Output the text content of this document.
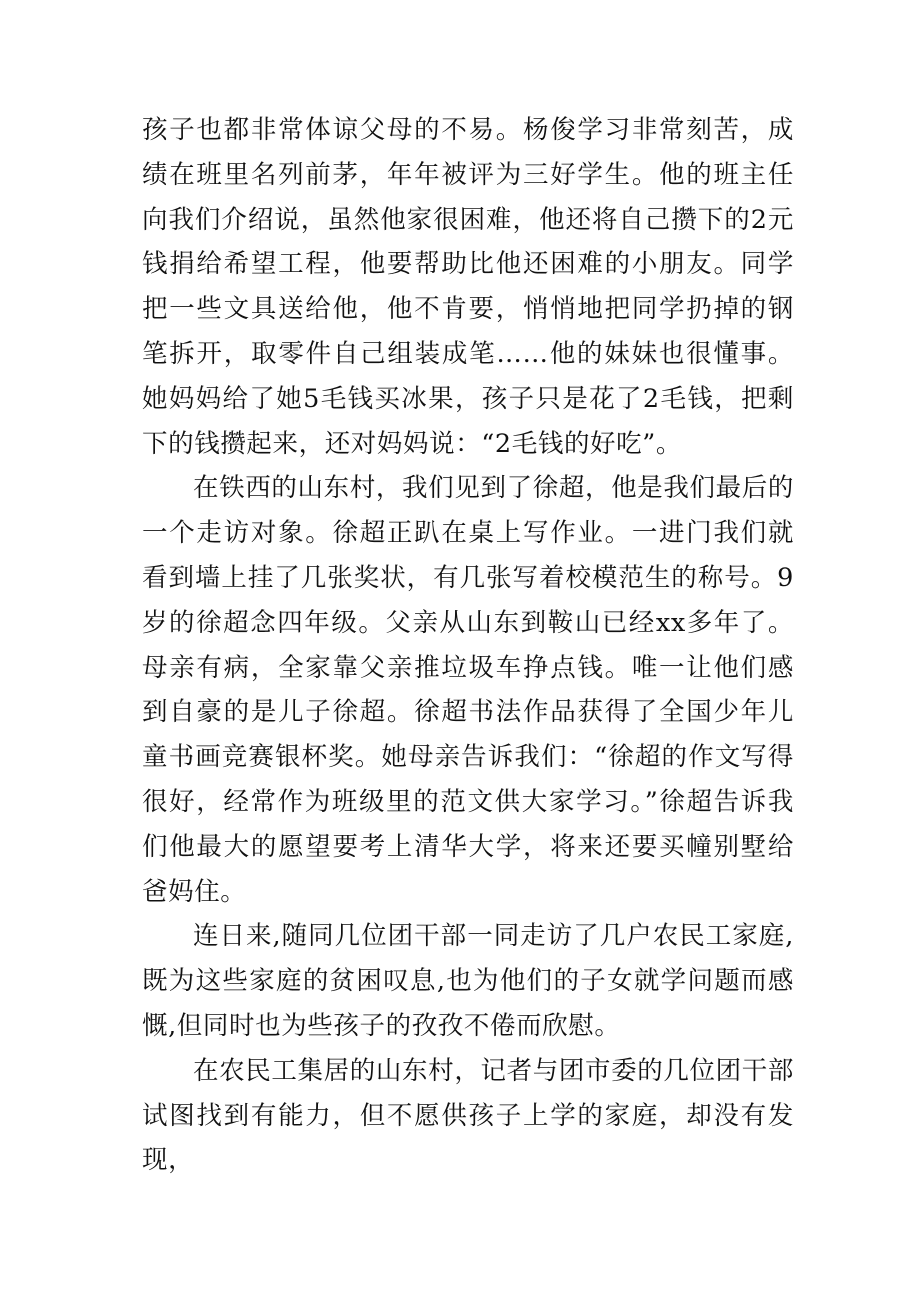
孩子也都非常体谅父母的不易。杨俊学习非常刻苦，成绩在班里名列前茅，年年被评为三好学生。他的班主任向我们介绍说，虽然他家很困难，他还将自己攒下的2元钱捐给希望工程，他要帮助比他还困难的小朋友。同学把一些文具送给他，他不肯要，悄悄地把同学扔掉的钢笔拆开，取零件自己组装成笔……他的妹妹也很懂事。她妈妈给了她5毛钱买冰果，孩子只是花了2毛钱，把剩下的钱攒起来，还对妈妈说：“2毛钱的好吃”。

在铁西的山东村，我们见到了徐超，他是我们最后的一个走访对象。徐超正趴在桌上写作业。一进门我们就看到墙上挂了几张奖状，有几张写着校模范生的称号。9岁的徐超念四年级。父亲从山东到鞍山已经xx多年了。母亲有病，全家靠父亲推垃圾车挣点钱。唯一让他们感到自豪的是儿子徐超。徐超书法作品获得了全国少年儿童书画竞赛银杯奖。她母亲告诉我们：“徐超的作文写得很好，经常作为班级里的范文供大家学习。”徐超告诉我们他最大的愿望要考上清华大学，将来还要买幢别墅给爸妈住。

连日来,随同几位团干部一同走访了几户农民工家庭,既为这些家庭的贫困叹息,也为他们的子女就学问题而感慨,但同时也为些孩子的孜孜不倦而欣慰。

在农民工集居的山东村，记者与团市委的几位团干部试图找到有能力，但不愿供孩子上学的家庭，却没有发现，
